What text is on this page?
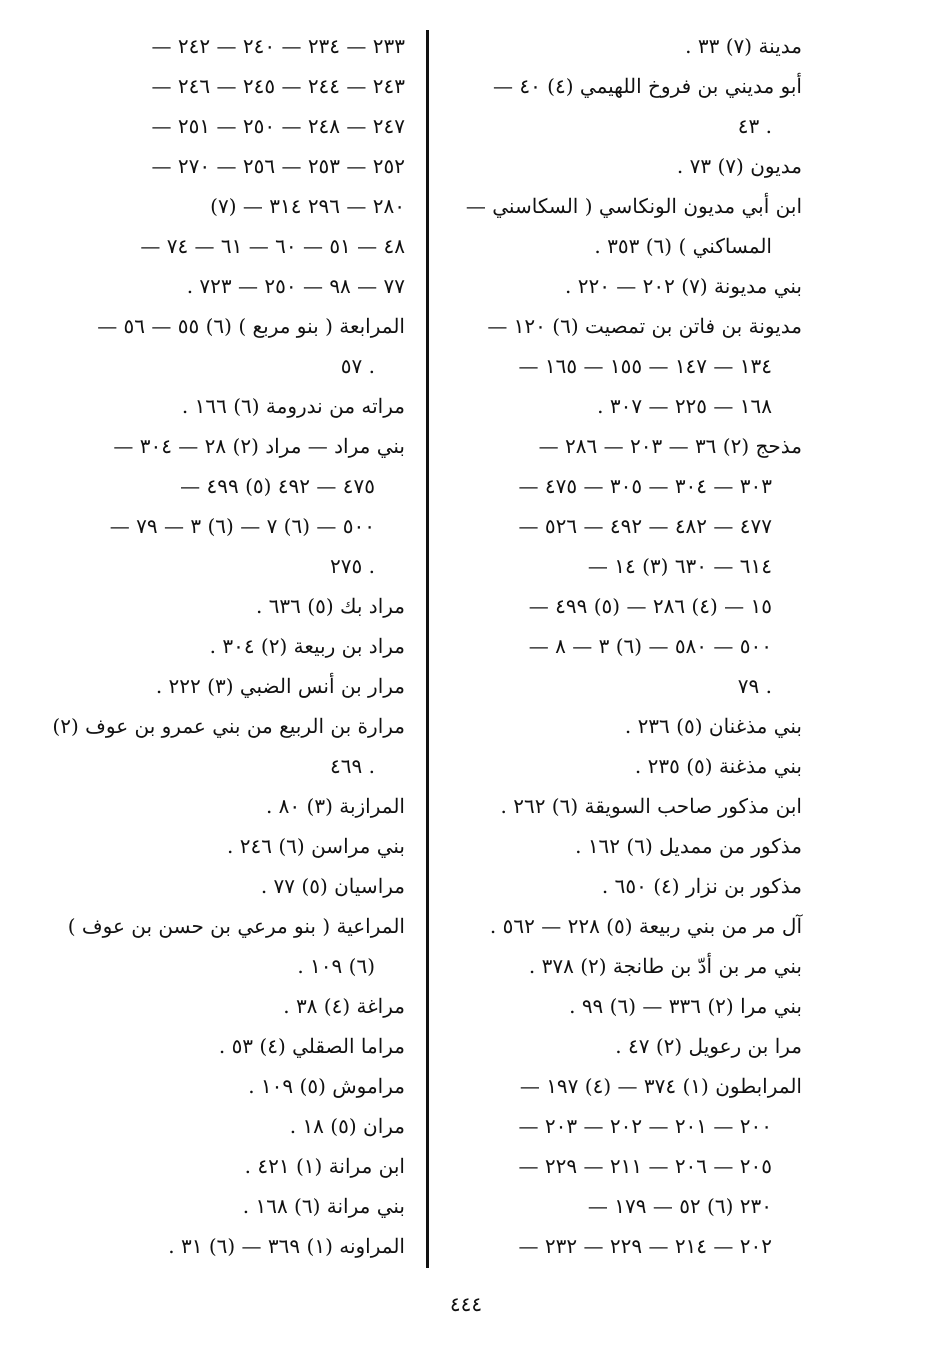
مدينة (٧) ٣٣ .
أبو مديني بن فروخ اللهيمي (٤) ٤٠ —
. ٤٣
مديون (٧) ٧٣ .
ابن أبي مديون الونكاسي ( السكاسني —
المساكني ) (٦) ٣٥٣ .
بني مديونة (٧) ٢٠٢ — ٢٢٠ .
مديونة بن فاتن بن تمصيت (٦) ١٢٠ —
١٣٤ — ١٤٧ — ١٥٥ — ١٦٥ —
١٦٨ — ٢٢٥ — ٣٠٧ .
مذحج (٢) ٣٦ — ٢٠٣ — ٢٨٦ —
٣٠٣ — ٣٠٤ — ٣٠٥ — ٤٧٥ —
٤٧٧ — ٤٨٢ — ٤٩٢ — ٥٢٦ —
٦١٤ — ٦٣٠ (٣) ١٤ —
١٥ — (٤) ٢٨٦ — (٥) ٤٩٩ —
٥٠٠ — ٥٨٠ — (٦) ٣ — ٨ —
. ٧٩
بني مذغنان (٥) ٢٣٦ .
بني مذغنة (٥) ٢٣٥ .
ابن مذكور صاحب السويقة (٦) ٢٦٢ .
مذكور من ممديل (٦) ١٦٢ .
مذكور بن نزار (٤) ٦٥٠ .
آل مر من بني ربيعة (٥) ٢٢٨ — ٥٦٢ .
بني مر بن أدّ بن طانجة (٢) ٣٧٨ .
بني مرا (٢) ٣٣٦ — (٦) ٩٩ .
مرا بن رعويل (٢) ٤٧ .
المرابطون (١) ٣٧٤ — (٤) ١٩٧ —
٢٠٠ — ٢٠١ — ٢٠٢ — ٢٠٣ —
٢٠٥ — ٢٠٦ — ٢١١ — ٢٢٩ —
٢٣٠ (٦) ٥٢ — ١٧٩ —
٢٠٢ — ٢١٤ — ٢٢٩ — ٢٣٢ —
٢٣٣ — ٢٣٤ — ٢٤٠ — ٢٤٢ —
٢٤٣ — ٢٤٤ — ٢٤٥ — ٢٤٦ —
٢٤٧ — ٢٤٨ — ٢٥٠ — ٢٥١ —
٢٥٢ — ٢٥٣ — ٢٥٦ — ٢٧٠ —
٢٨٠ — ٢٩٦ ٣١٤ — (٧)
٤٨ — ٥١ — ٦٠ — ٦١ — ٧٤ —
٧٧ — ٩٨ — ٢٥٠ — ٧٢٣ .
المرابعة ( بنو مربع ) (٦) ٥٥ — ٥٦ —
. ٥٧
مراته من ندرومة (٦) ١٦٦ .
بني مراد — مراد (٢) ٢٨ — ٣٠٤ —
٤٧٥ — ٤٩٢ (٥) ٤٩٩ —
٥٠٠ — (٦) ٧ — (٦) ٣ — ٧٩ —
. ٢٧٥
مراد بك (٥) ٦٣٦ .
مراد بن ربيعة (٢) ٣٠٤ .
مرار بن أنس الضبي (٣) ٢٢٢ .
مرارة بن الربيع من بني عمرو بن عوف (٢)
. ٤٦٩
المرازبة (٣) ٨٠ .
بني مراسن (٦) ٢٤٦ .
مراسيان (٥) ٧٧ .
المراعية ( بنو مرعي بن حسن بن عوف )
(٦) ١٠٩ .
مراغة (٤) ٣٨ .
مراما الصقلي (٤) ٥٣ .
مراموش (٥) ١٠٩ .
مران (٥) ١٨ .
ابن مرانة (١) ٤٢١ .
بني مرانة (٦) ١٦٨ .
المراونه (١) ٣٦٩ — (٦) ٣١ .
٤٤٤
